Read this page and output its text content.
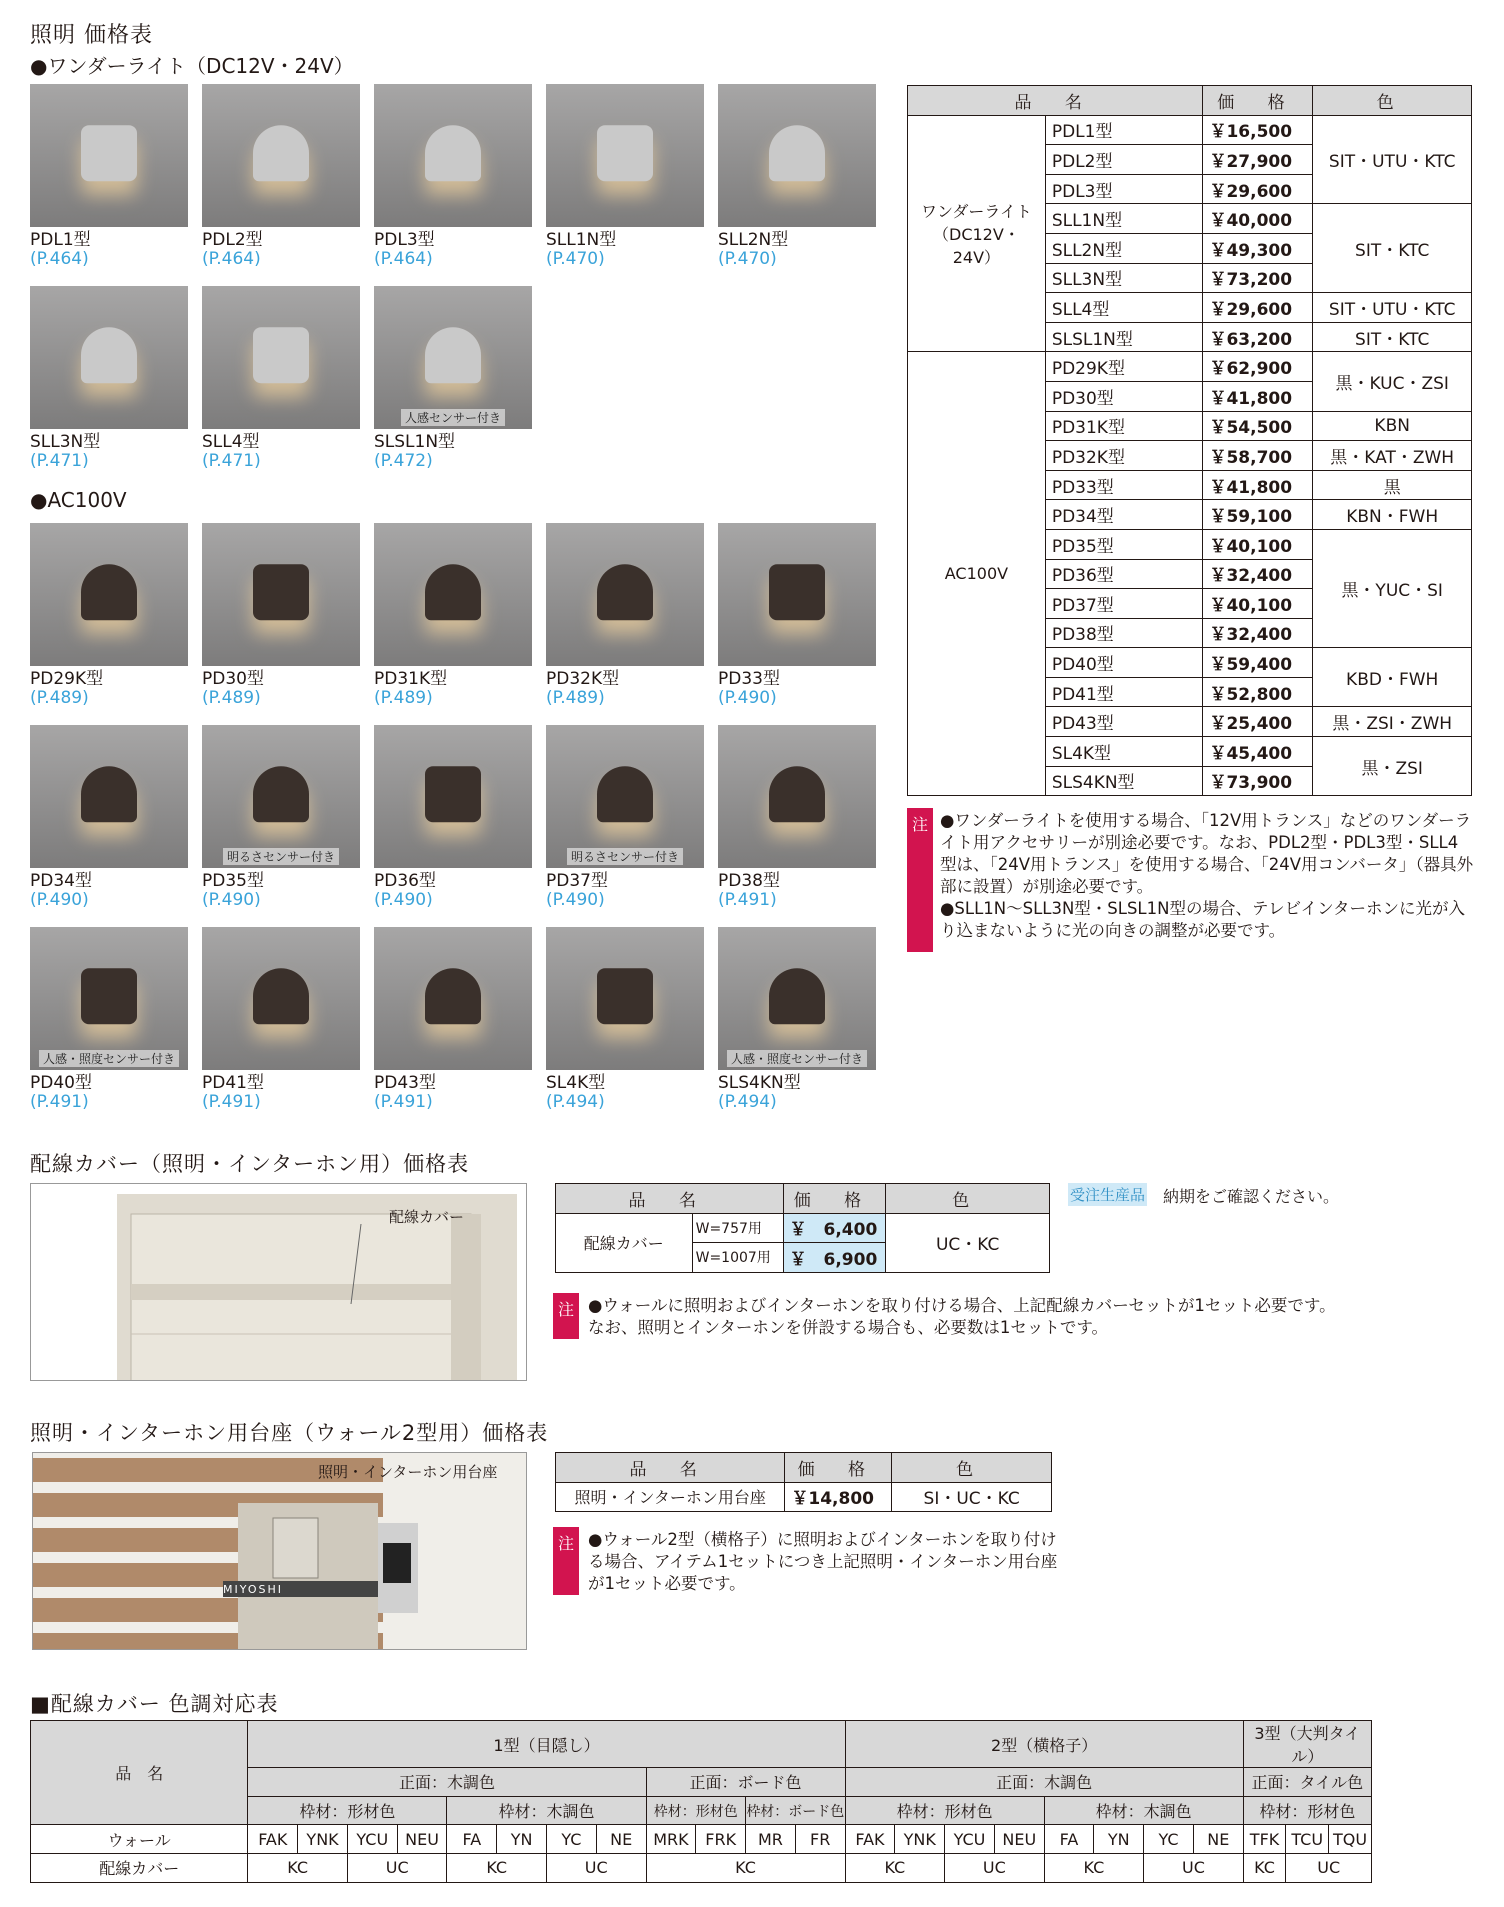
照明 価格表
●ワンダーライト（DC12V・24V）
●AC100V
PDL1型
(P.464)
PDL2型
(P.464)
PDL3型
(P.464)
SLL1N型
(P.470)
SLL2N型
(P.470)
SLL3N型
(P.471)
SLL4型
(P.471)
人感センサー付き
SLSL1N型
(P.472)
PD29K型
(P.489)
PD30型
(P.489)
PD31K型
(P.489)
PD32K型
(P.489)
PD33型
(P.490)
PD34型
(P.490)
明るさセンサー付き
PD35型
(P.490)
PD36型
(P.490)
明るさセンサー付き
PD37型
(P.490)
PD38型
(P.491)
人感・照度センサー付き
PD40型
(P.491)
PD41型
(P.491)
PD43型
(P.491)
SL4K型
(P.494)
人感・照度センサー付き
SLS4KN型
(P.494)
品 名		価 格	色
ワンダーライト（DC12V・24V）	PDL1型	￥16,500	SIT・UTU・KTC
	PDL2型	￥27,900	
	PDL3型	￥29,600	
	SLL1N型	￥40,000	SIT・KTC
	SLL2N型	￥49,300	
	SLL3N型	￥73,200	
	SLL4型	￥29,600	SIT・UTU・KTC
	SLSL1N型	￥63,200	SIT・KTC
AC100V	PD29K型	￥62,900	黒・KUC・ZSI
	PD30型	￥41,800	
	PD31K型	￥54,500	KBN
	PD32K型	￥58,700	黒・KAT・ZWH
	PD33型	￥41,800	黒
	PD34型	￥59,100	KBN・FWH
	PD35型	￥40,100	黒・YUC・SI
	PD36型	￥32,400	
	PD37型	￥40,100	
	PD38型	￥32,400	
	PD40型	￥59,400	KBD・FWH
	PD41型	￥52,800	
	PD43型	￥25,400	黒・ZSI・ZWH
	SL4K型	￥45,400	黒・ZSI
	SLS4KN型	￥73,900	
注 ●ワンダーライトを使用する場合、「12V用トランス」などのワンダーライト用アクセサリーが別途必要です。なお、PDL2型・PDL3型・SLL4型は、「24V用トランス」を使用する場合、「24V用コンバータ」（器具外部に設置）が別途必要です。
●SLL1N～SLL3N型・SLSL1N型の場合、テレビインターホンに光が入り込まないように光の向きの調整が必要です。
配線カバー（照明・インターホン用）価格表
配線カバー
品 名		価 格	色
配線カバー	W=757用	￥　6,400	UC・KC
	W=1007用	￥　6,900	
受注生産品 納期をご確認ください。
注 ●ウォールに照明およびインターホンを取り付ける場合、上記配線カバーセットが1セット必要です。なお、照明とインターホンを併設する場合も、必要数は1セットです。
照明・インターホン用台座（ウォール2型用）価格表
照明・インターホン用台座
MIYOSHI
品 名	価 格	色
照明・インターホン用台座	￥14,800	SI・UC・KC
注 ●ウォール2型（横格子）に照明およびインターホンを取り付ける場合、アイテム1セットにつき上記照明・インターホン用台座が1セット必要です。
■配線カバー 色調対応表
品　名	1型（目隠し）												2型（横格子）								3型（大判タイル）		
	正面：木調色								正面：ボード色				正面：木調色								正面：タイル色		
	枠材：形材色				枠材：木調色				枠材：形材色		枠材：ボード色		枠材：形材色				枠材：木調色				枠材：形材色		
ウォール	FAK	YNK	YCU	NEU	FA	YN	YC	NE	MRK	FRK	MR	FR	FAK	YNK	YCU	NEU	FA	YN	YC	NE	TFK	TCU	TQU
配線カバー	KC		UC		KC		UC		KC				KC		UC		KC		UC		KC	UC	
